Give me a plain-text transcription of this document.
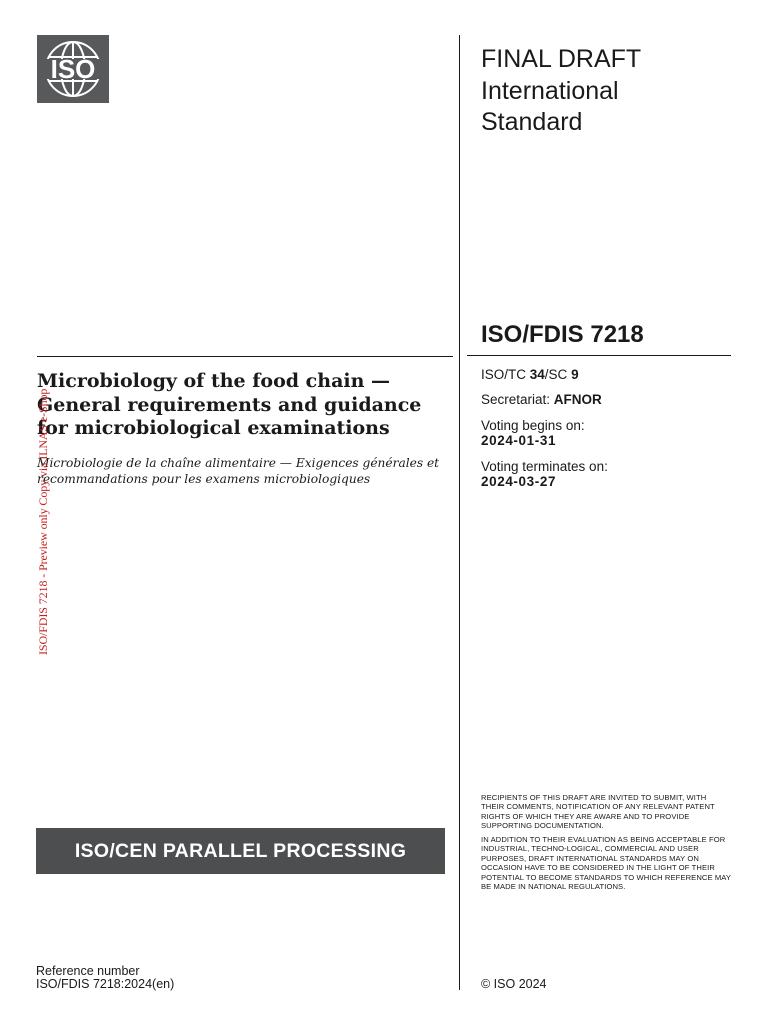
ISO	FINAL DRAFT
International Standard
ISO/FDIS 7218
Microbiology of the food chain — General requirements and guidance for microbiological examinations
Microbiologie de la chaîne alimentaire — Exigences générales et recommandations pour les examens microbiologiques
ISO/TC 34/SC 9
Secretariat: AFNOR
Voting begins on:
2024-01-31
Voting terminates on:
2024-03-27
ISO/FDIS 7218 - Preview only Copy via ILNAS e-Shop
ISO/CEN PARALLEL PROCESSING
RECIPIENTS OF THIS DRAFT ARE INVITED TO SUBMIT, WITH THEIR COMMENTS, NOTIFICATION OF ANY RELEVANT PATENT RIGHTS OF WHICH THEY ARE AWARE AND TO PROVIDE SUPPORTING DOCUMENTATION.
IN ADDITION TO THEIR EVALUATION AS BEING ACCEPTABLE FOR INDUSTRIAL, TECHNO-LOGICAL, COMMERCIAL AND USER PURPOSES, DRAFT INTERNATIONAL STANDARDS MAY ON OCCASION HAVE TO BE CONSIDERED IN THE LIGHT OF THEIR POTENTIAL TO BECOME STANDARDS TO WHICH REFERENCE MAY BE MADE IN NATIONAL REGULATIONS.
Reference number
ISO/FDIS 7218:2024(en)	© ISO 2024
